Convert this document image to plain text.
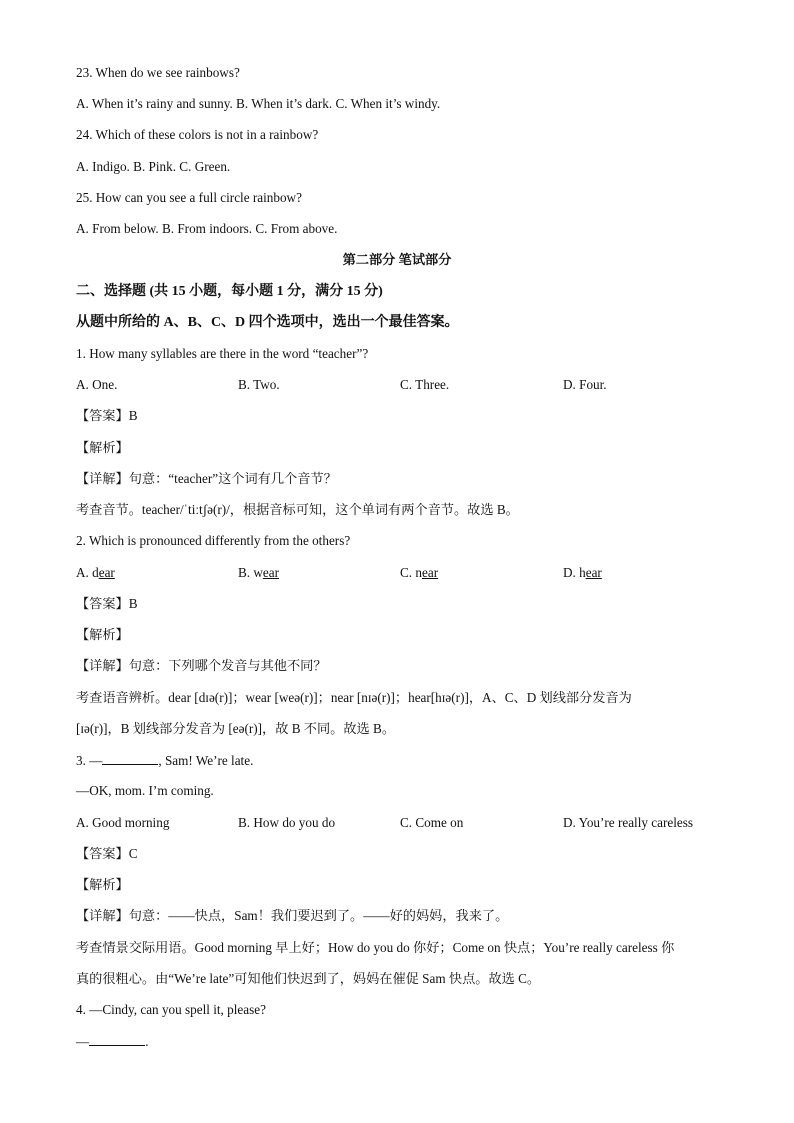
23. When do we see rainbows?
A. When it’s rainy and sunny. B. When it’s dark. C. When it’s windy.
24. Which of these colors is not in a rainbow?
A. Indigo. B. Pink. C. Green.
25. How can you see a full circle rainbow?
A. From below. B. From indoors. C. From above.
第二部分 笔试部分
二、选择题 (共 15 小题，每小题 1 分，满分 15 分)
从题中所给的 A、B、C、D 四个选项中，选出一个最佳答案。
1. How many syllables are there in the word “teacher”?
A. One.	B. Two.	C. Three.	D. Four.
【答案】B
【解析】
【详解】句意：“teacher”这个词有几个音节？
考查音节。teacher/ˈtiːtʃə(r)/，根据音标可知，这个单词有两个音节。故选 B。
2. Which is pronounced differently from the others?
A. dear	B. wear	C. near	D. hear
【答案】B
【解析】
【详解】句意：下列哪个发音与其他不同？
考查语音辨析。dear [dɪə(r)]；wear [weə(r)]；near [nɪə(r)]；hear[hɪə(r)]，A、C、D 划线部分发音为
[ɪə(r)]，B 划线部分发音为 [eə(r)]，故 B 不同。故选 B。
3. —	, Sam! We’re late.
—OK, mom. I’m coming.
A. Good morning	B. How do you do	C. Come on	D. You’re really careless
【答案】C
【解析】
【详解】句意：——快点，Sam！我们要迟到了。——好的妈妈，我来了。
考查情景交际用语。Good morning 早上好；How do you do 你好；Come on 快点；You’re really careless 你
真的很粗心。由“We’re late”可知他们快迟到了，妈妈在催促 Sam 快点。故选 C。
4. —Cindy, can you spell it, please?
—	.
